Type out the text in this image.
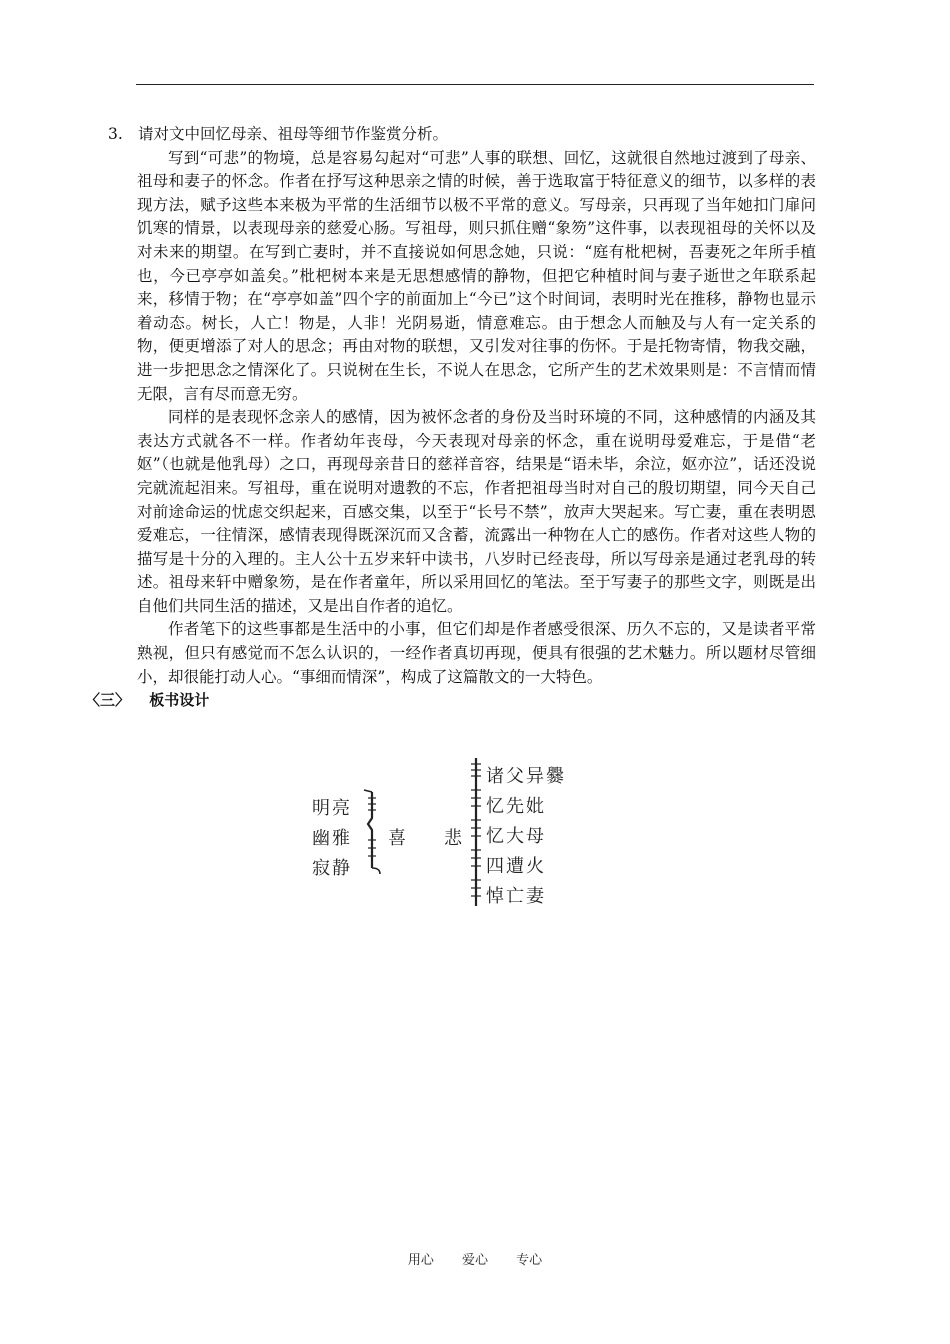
3. 请对文中回忆母亲、祖母等细节作鉴赏分析。

写到“可悲”的物境，总是容易勾起对“可悲”人事的联想、回忆，这就很自然地过渡到了母亲、祖母和妻子的怀念。作者在抒写这种思亲之情的时候，善于选取富于特征意义的细节，以多样的表现方法，赋予这些本来极为平常的生活细节以极不平常的意义。写母亲，只再现了当年她扣门扉问饥寒的情景，以表现母亲的慈爱心肠。写祖母，则只抓住赠“象笏”这件事，以表现祖母的关怀以及对未来的期望。在写到亡妻时，并不直接说如何思念她，只说：“庭有枇杷树，吾妻死之年所手植也，今已亭亭如盖矣。”枇杷树本来是无思想感情的静物，但把它种植时间与妻子逝世之年联系起来，移情于物；在“亭亭如盖”四个字的前面加上“今已”这个时间词，表明时光在推移，静物也显示着动态。树长，人亡！物是，人非！光阴易逝，情意难忘。由于想念人而触及与人有一定关系的物，便更增添了对人的思念；再由对物的联想，又引发对往事的伤怀。于是托物寄情，物我交融，进一步把思念之情深化了。只说树在生长，不说人在思念，它所产生的艺术效果则是：不言情而情无限，言有尽而意无穷。

同样的是表现怀念亲人的感情，因为被怀念者的身份及当时环境的不同，这种感情的内涵及其表达方式就各不一样。作者幼年丧母，今天表现对母亲的怀念，重在说明母爱难忘，于是借“老妪”（也就是他乳母）之口，再现母亲昔日的慈祥音容，结果是“语未毕，余泣，妪亦泣”，话还没说完就流起泪来。写祖母，重在说明对遗教的不忘，作者把祖母当时对自己的殷切期望，同今天自己对前途命运的忧虑交织起来，百感交集，以至于“长号不禁”，放声大哭起来。写亡妻，重在表明恩爱难忘，一往情深，感情表现得既深沉而又含蓄，流露出一种物在人亡的感伤。作者对这些人物的描写是十分的入理的。主人公十五岁来轩中读书，八岁时已经丧母，所以写母亲是通过老乳母的转述。祖母来轩中赠象笏，是在作者童年，所以采用回忆的笔法。至于写妻子的那些文字，则既是出自他们共同生活的描述，又是出自作者的追忆。

作者笔下的这些事都是生活中的小事，但它们却是作者感受很深、历久不忘的，又是读者平常熟视，但只有感觉而不怎么认识的，一经作者真切再现，便具有很强的艺术魅力。所以题材尽管细小，却很能打动人心。“事细而情深”，构成了这篇散文的一大特色。

〈三〉 板书设计
明亮
幽雅
寂静
喜 悲
诸父异爨
忆先妣
忆大母
四遭火
悼亡妻
用心 爱心 专心
